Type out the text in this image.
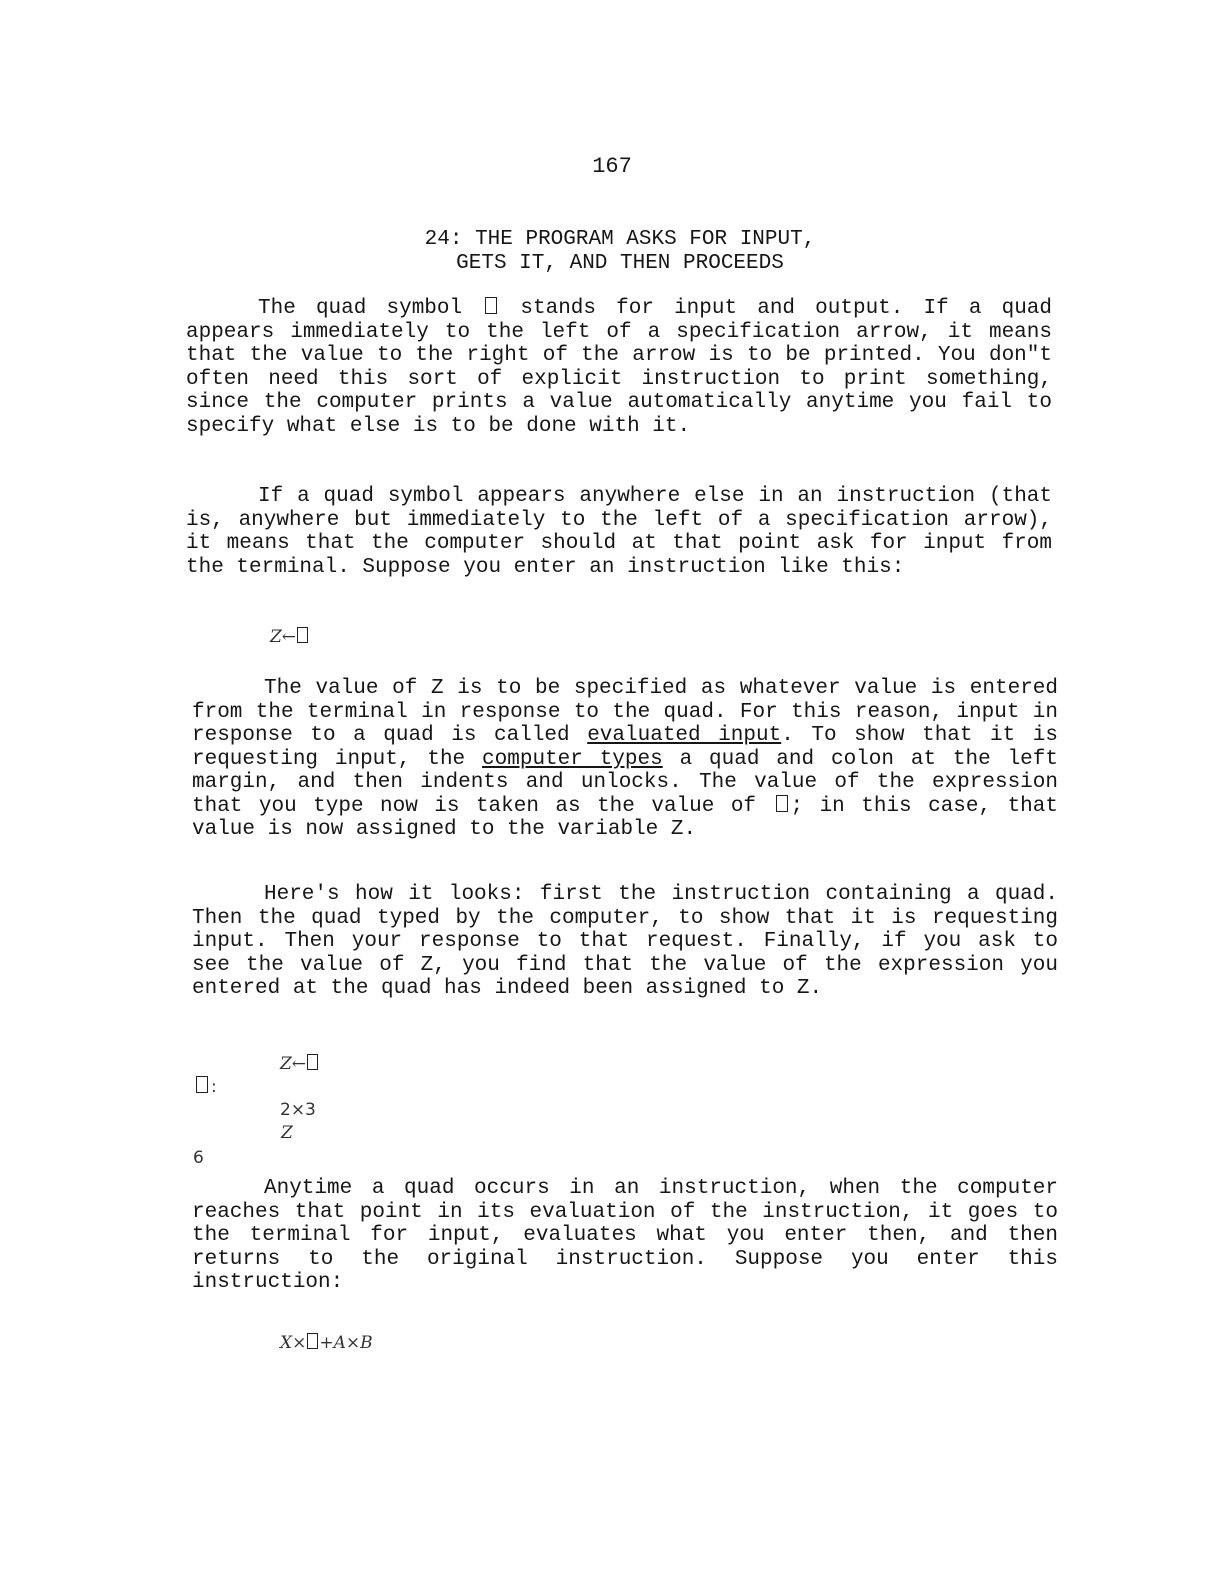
167
24: THE PROGRAM ASKS FOR INPUT,
GETS IT, AND THEN PROCEEDS

The quad symbol	stands for input and output. If a quad appears immediately to the left of a specification arrow, it means that the value to the right of the arrow is to be printed. You don"t often need this sort of explicit instruction to print something, since the computer prints a value automatically anytime you fail to specify what else is to be done with it.

If a quad symbol appears anywhere else in an instruction (that is, anywhere but immediately to the left of a specification arrow), it means that the computer should at that point ask for input from the terminal. Suppose you enter an instruction like this:

Z←

The value of Z is to be specified as whatever value is entered from the terminal in response to the quad. For this reason, input in response to a quad is called evaluated input. To show that it is requesting input, the computer types a quad and colon at the left margin, and then indents and unlocks. The value of the expression that you type now is taken as the value of ; in this case, that value is now assigned to the variable Z.

Here's how it looks: first the instruction containing a quad. Then the quad typed by the computer, to show that it is requesting input. Then your response to that request. Finally, if you ask to see the value of Z, you find that the value of the expression you entered at the quad has indeed been assigned to Z.

Z←
:
2×3
Z
6

Anytime a quad occurs in an instruction, when the computer reaches that point in its evaluation of the instruction, it goes to the terminal for input, evaluates what you enter then, and then returns to the original instruction. Suppose you enter this instruction:

X× +A×B
